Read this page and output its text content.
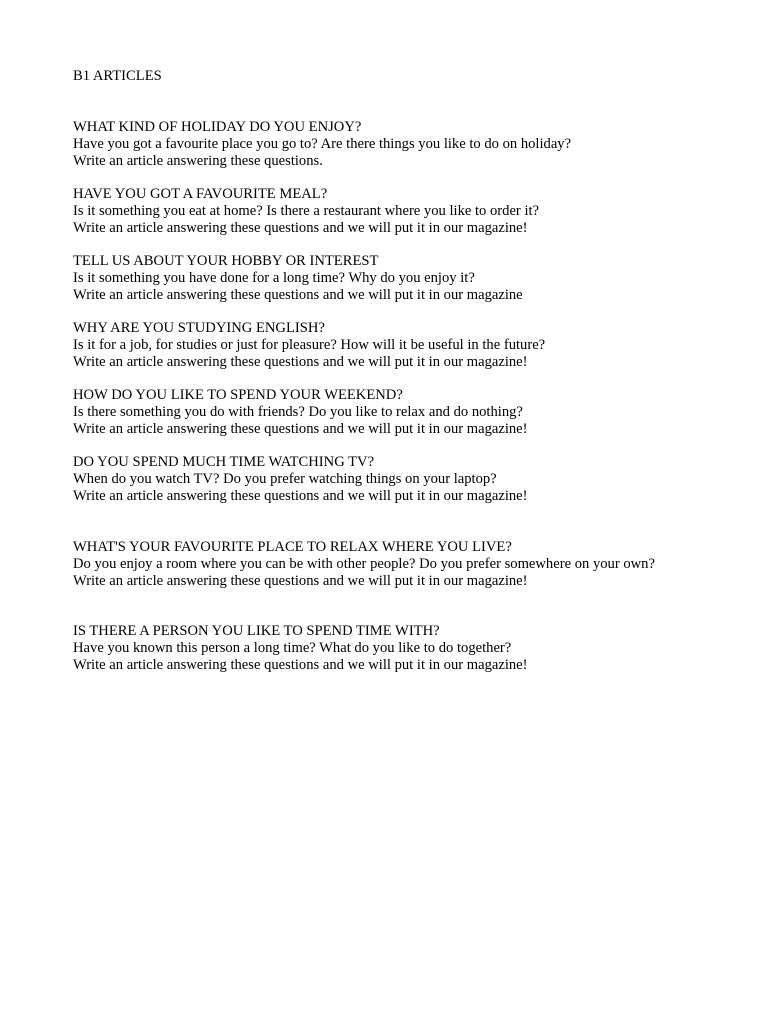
B1 ARTICLES

WHAT KIND OF HOLIDAY DO YOU ENJOY?

Have you got a favourite place you go to? Are there things you like to do on holiday?

Write an article answering these questions.

HAVE YOU GOT A FAVOURITE MEAL?

Is it something you eat at home? Is there a restaurant where you like to order it?

Write an article answering these questions and we will put it in our magazine!

TELL US ABOUT YOUR HOBBY OR INTEREST

Is it something you have done for a long time? Why do you enjoy it?

Write an article answering these questions and we will put it in our magazine

WHY ARE YOU STUDYING ENGLISH?

Is it for a job, for studies or just for pleasure? How will it be useful in the future?

Write an article answering these questions and we will put it in our magazine!

HOW DO YOU LIKE TO SPEND YOUR WEEKEND?

Is there something you do with friends? Do you like to relax and do nothing?

Write an article answering these questions and we will put it in our magazine!

DO YOU SPEND MUCH TIME WATCHING TV?

When do you watch TV? Do you prefer watching things on your laptop?

Write an article answering these questions and we will put it in our magazine!

WHAT'S YOUR FAVOURITE PLACE TO RELAX WHERE YOU LIVE?

Do you enjoy a room where you can be with other people? Do you prefer somewhere on your own?

Write an article answering these questions and we will put it in our magazine!

IS THERE A PERSON YOU LIKE TO SPEND TIME WITH?

Have you known this person a long time? What do you like to do together?

Write an article answering these questions and we will put it in our magazine!
